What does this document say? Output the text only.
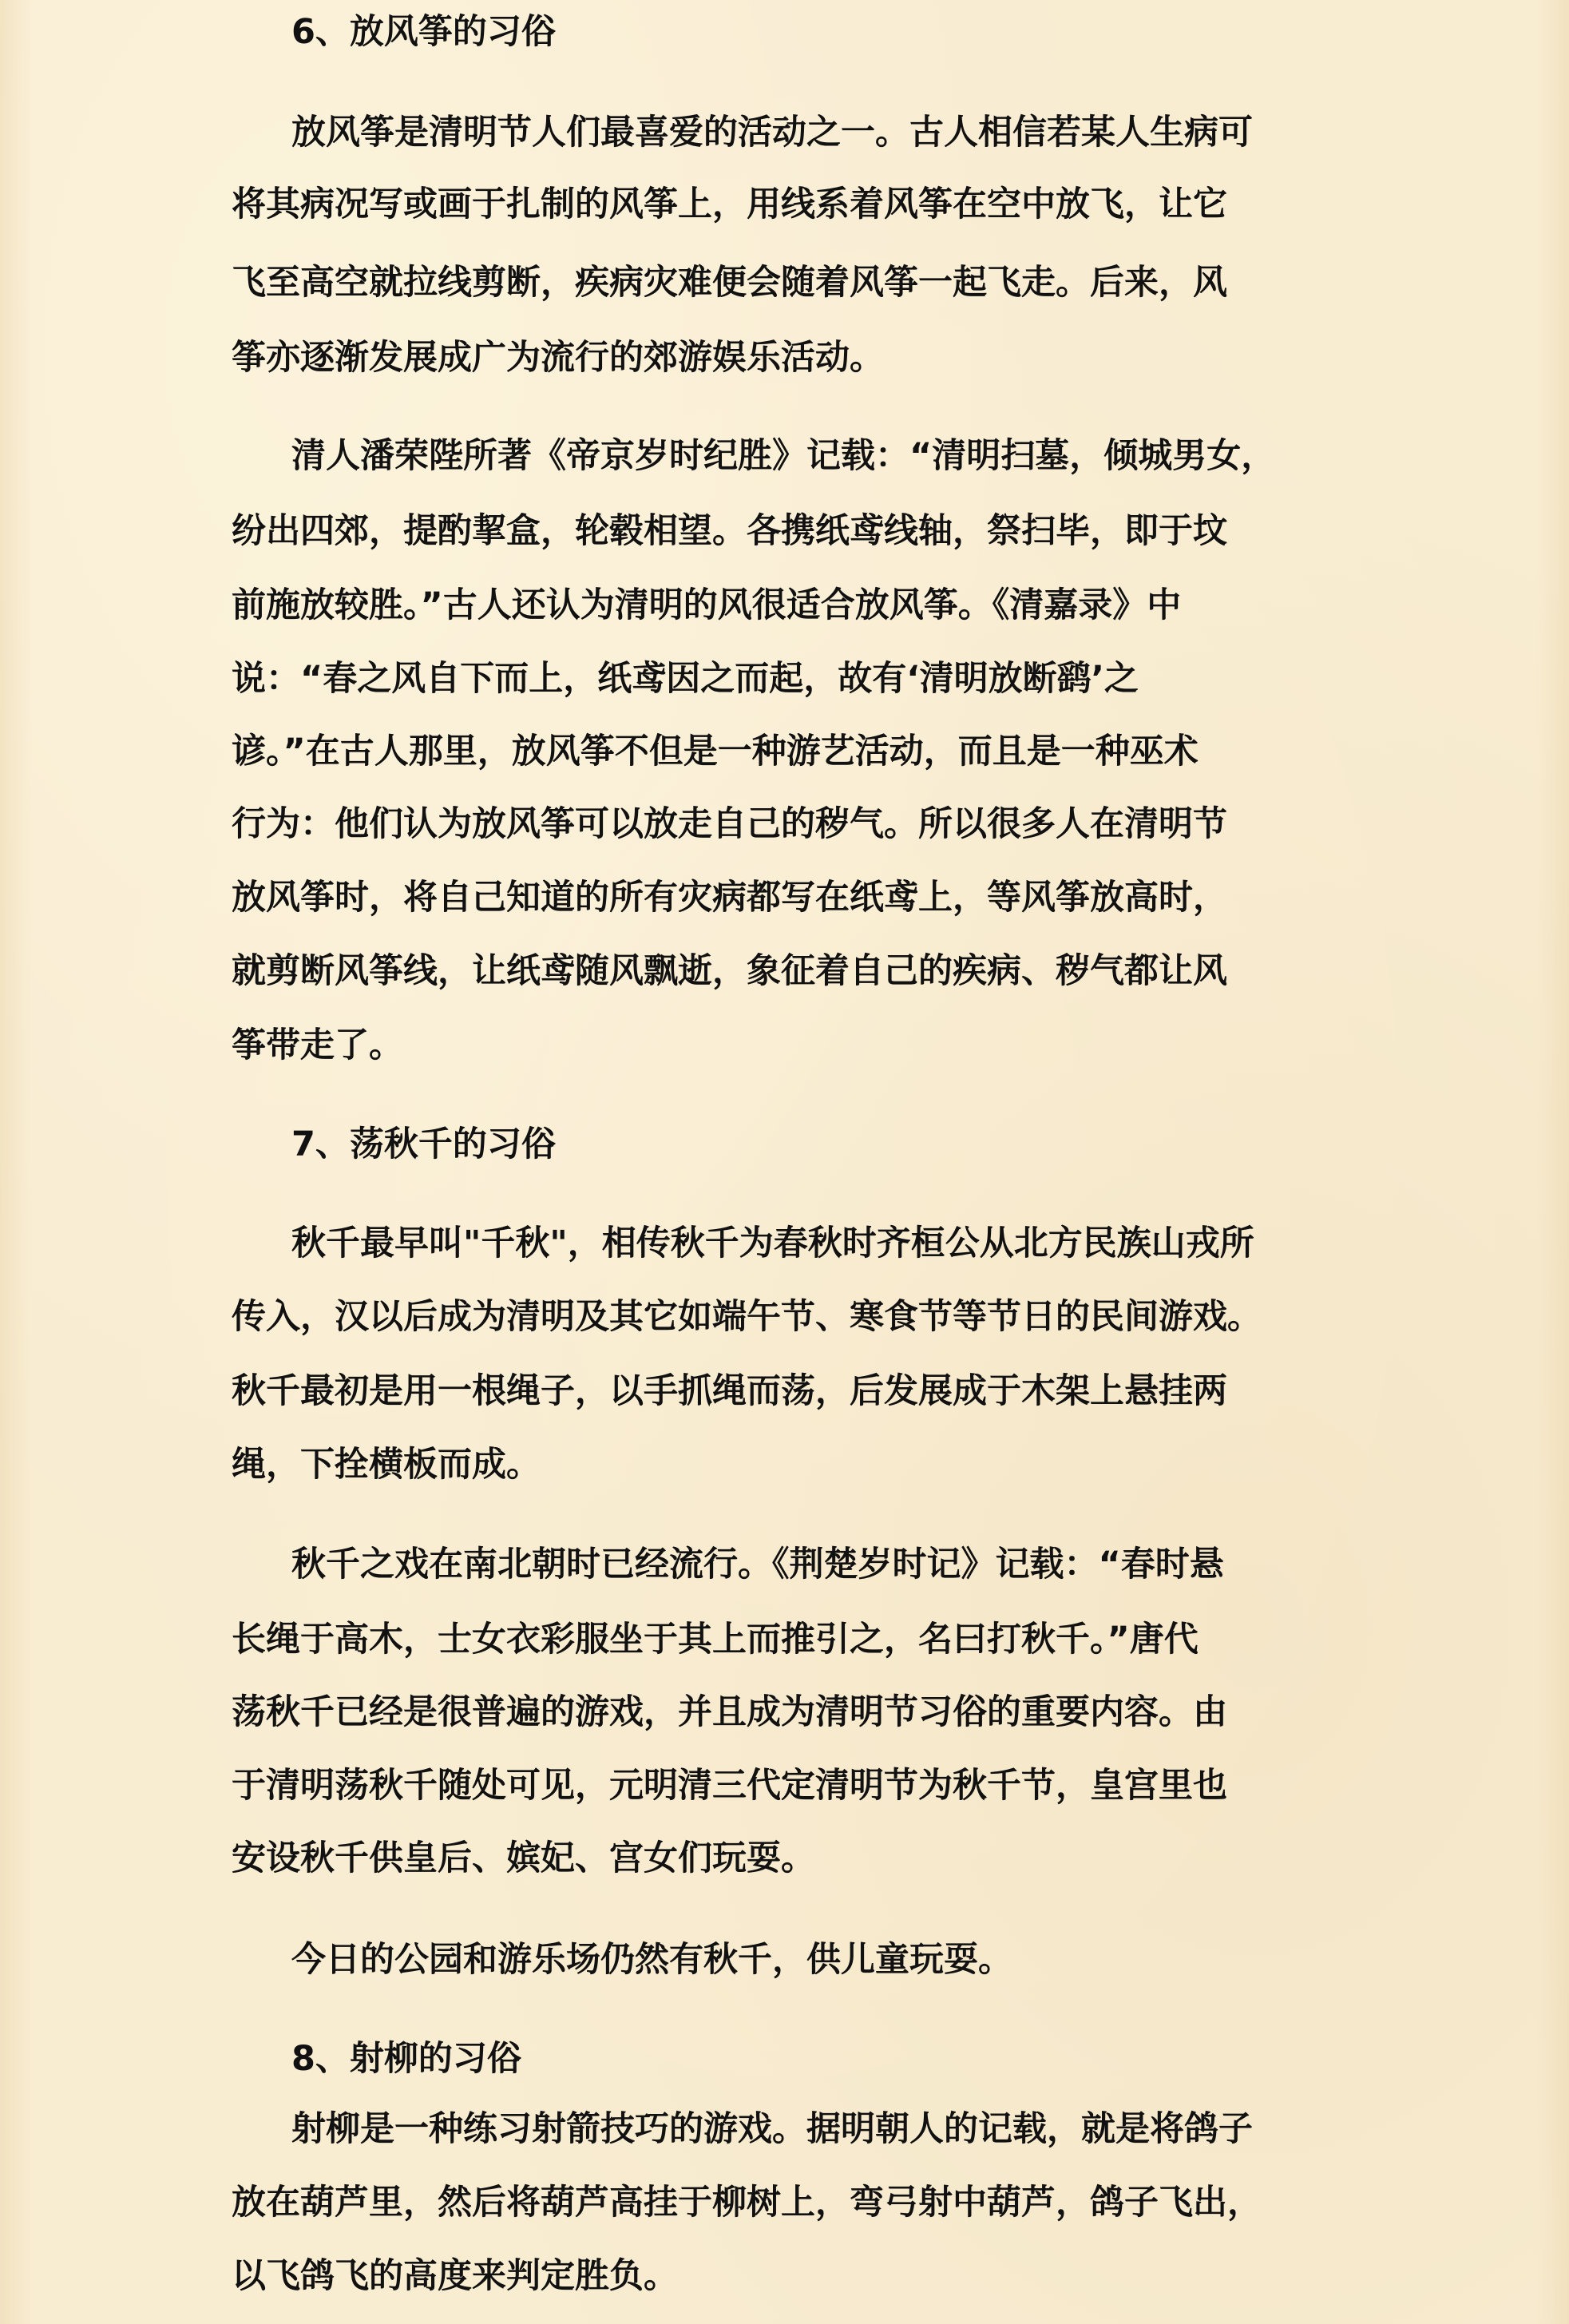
6、放风筝的习俗
放风筝是清明节人们最喜爱的活动之一。古人相信若某人生病可
将其病况写或画于扎制的风筝上，用线系着风筝在空中放飞，让它
飞至高空就拉线剪断，疾病灾难便会随着风筝一起飞走。后来，风
筝亦逐渐发展成广为流行的郊游娱乐活动。
清人潘荣陛所著《帝京岁时纪胜》记载：“清明扫墓，倾城男女，
纷出四郊，提酌挈盒，轮毂相望。各携纸鸢线轴，祭扫毕，即于坟
前施放较胜。”古人还认为清明的风很适合放风筝。《清嘉录》中
说：“春之风自下而上，纸鸢因之而起，故有‘清明放断鹞’之
谚。”在古人那里，放风筝不但是一种游艺活动，而且是一种巫术
行为：他们认为放风筝可以放走自己的秽气。所以很多人在清明节
放风筝时，将自己知道的所有灾病都写在纸鸢上，等风筝放高时，
就剪断风筝线，让纸鸢随风飘逝，象征着自己的疾病、秽气都让风
筝带走了。
7、荡秋千的习俗
秋千最早叫"千秋"，相传秋千为春秋时齐桓公从北方民族山戎所
传入，汉以后成为清明及其它如端午节、寒食节等节日的民间游戏。
秋千最初是用一根绳子，以手抓绳而荡，后发展成于木架上悬挂两
绳，下拴横板而成。
秋千之戏在南北朝时已经流行。《荆楚岁时记》记载：“春时悬
长绳于高木，士女衣彩服坐于其上而推引之，名曰打秋千。”唐代
荡秋千已经是很普遍的游戏，并且成为清明节习俗的重要内容。由
于清明荡秋千随处可见，元明清三代定清明节为秋千节，皇宫里也
安设秋千供皇后、嫔妃、宫女们玩耍。
今日的公园和游乐场仍然有秋千，供儿童玩耍。
8、射柳的习俗
射柳是一种练习射箭技巧的游戏。据明朝人的记载，就是将鸽子
放在葫芦里，然后将葫芦高挂于柳树上，弯弓射中葫芦，鸽子飞出，
以飞鸽飞的高度来判定胜负。
